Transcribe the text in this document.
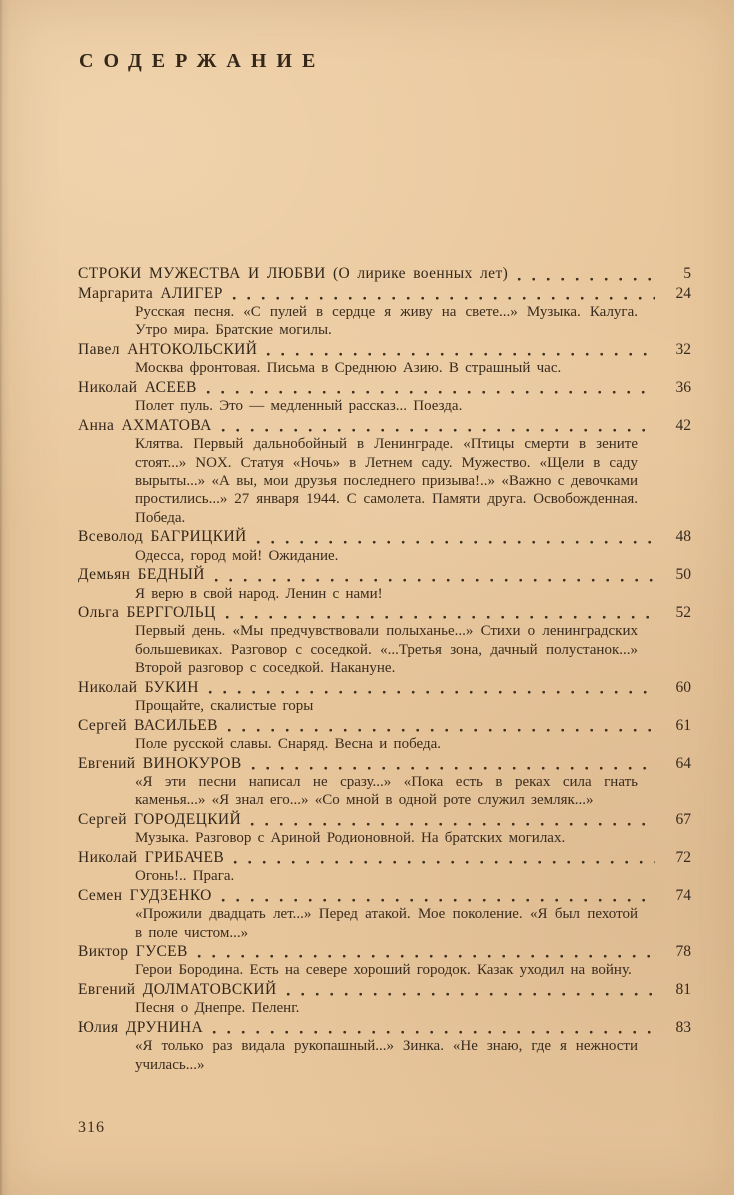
СОДЕРЖАНИЕ
СТРОКИ МУЖЕСТВА И ЛЮБВИ (О лирике военных лет)	5
Маргарита АЛИГЕР	24
Русская песня. «С пулей в сердце я живу на свете...» Музыка. Калуга. Утро мира. Братские могилы.
Павел АНТОКОЛЬСКИЙ	32
Москва фронтовая. Письма в Среднюю Азию. В страшный час.
Николай АСЕЕВ	36
Полет пуль. Это — медленный рассказ... Поезда.
Анна АХМАТОВА	42
Клятва. Первый дальнобойный в Ленинграде. «Птицы смерти в зените стоят...» NOX. Статуя «Ночь» в Летнем саду. Мужество. «Щели в саду вырыты...» «А вы, мои друзья последнего призыва!..» «Важно с девочками простились...» 27 января 1944. С самолета. Памяти друга. Освобожденная. Победа.
Всеволод БАГРИЦКИЙ	48
Одесса, город мой! Ожидание.
Демьян БЕДНЫЙ	50
Я верю в свой народ. Ленин с нами!
Ольга БЕРГГОЛЬЦ	52
Первый день. «Мы предчувствовали полыханье...» Стихи о ленинградских большевиках. Разговор с соседкой. «...Третья зона, дачный полустанок...» Второй разговор с соседкой. Накануне.
Николай БУКИН	60
Прощайте, скалистые горы
Сергей ВАСИЛЬЕВ	61
Поле русской славы. Снаряд. Весна и победа.
Евгений ВИНОКУРОВ	64
«Я эти песни написал не сразу...» «Пока есть в реках сила гнать каменья...» «Я знал его...» «Со мной в одной роте служил земляк...»
Сергей ГОРОДЕЦКИЙ	67
Музыка. Разговор с Ариной Родионовной. На братских могилах.
Николай ГРИБАЧЕВ	72
Огонь!.. Прага.
Семен ГУДЗЕНКО	74
«Прожили двадцать лет...» Перед атакой. Мое поколение. «Я был пехотой в поле чистом...»
Виктор ГУСЕВ	78
Герои Бородина. Есть на севере хороший городок. Казак уходил на войну.
Евгений ДОЛМАТОВСКИЙ	81
Песня о Днепре. Пеленг.
Юлия ДРУНИНА	83
«Я только раз видала рукопашный...» Зинка. «Не знаю, где я нежности училась...»
316
